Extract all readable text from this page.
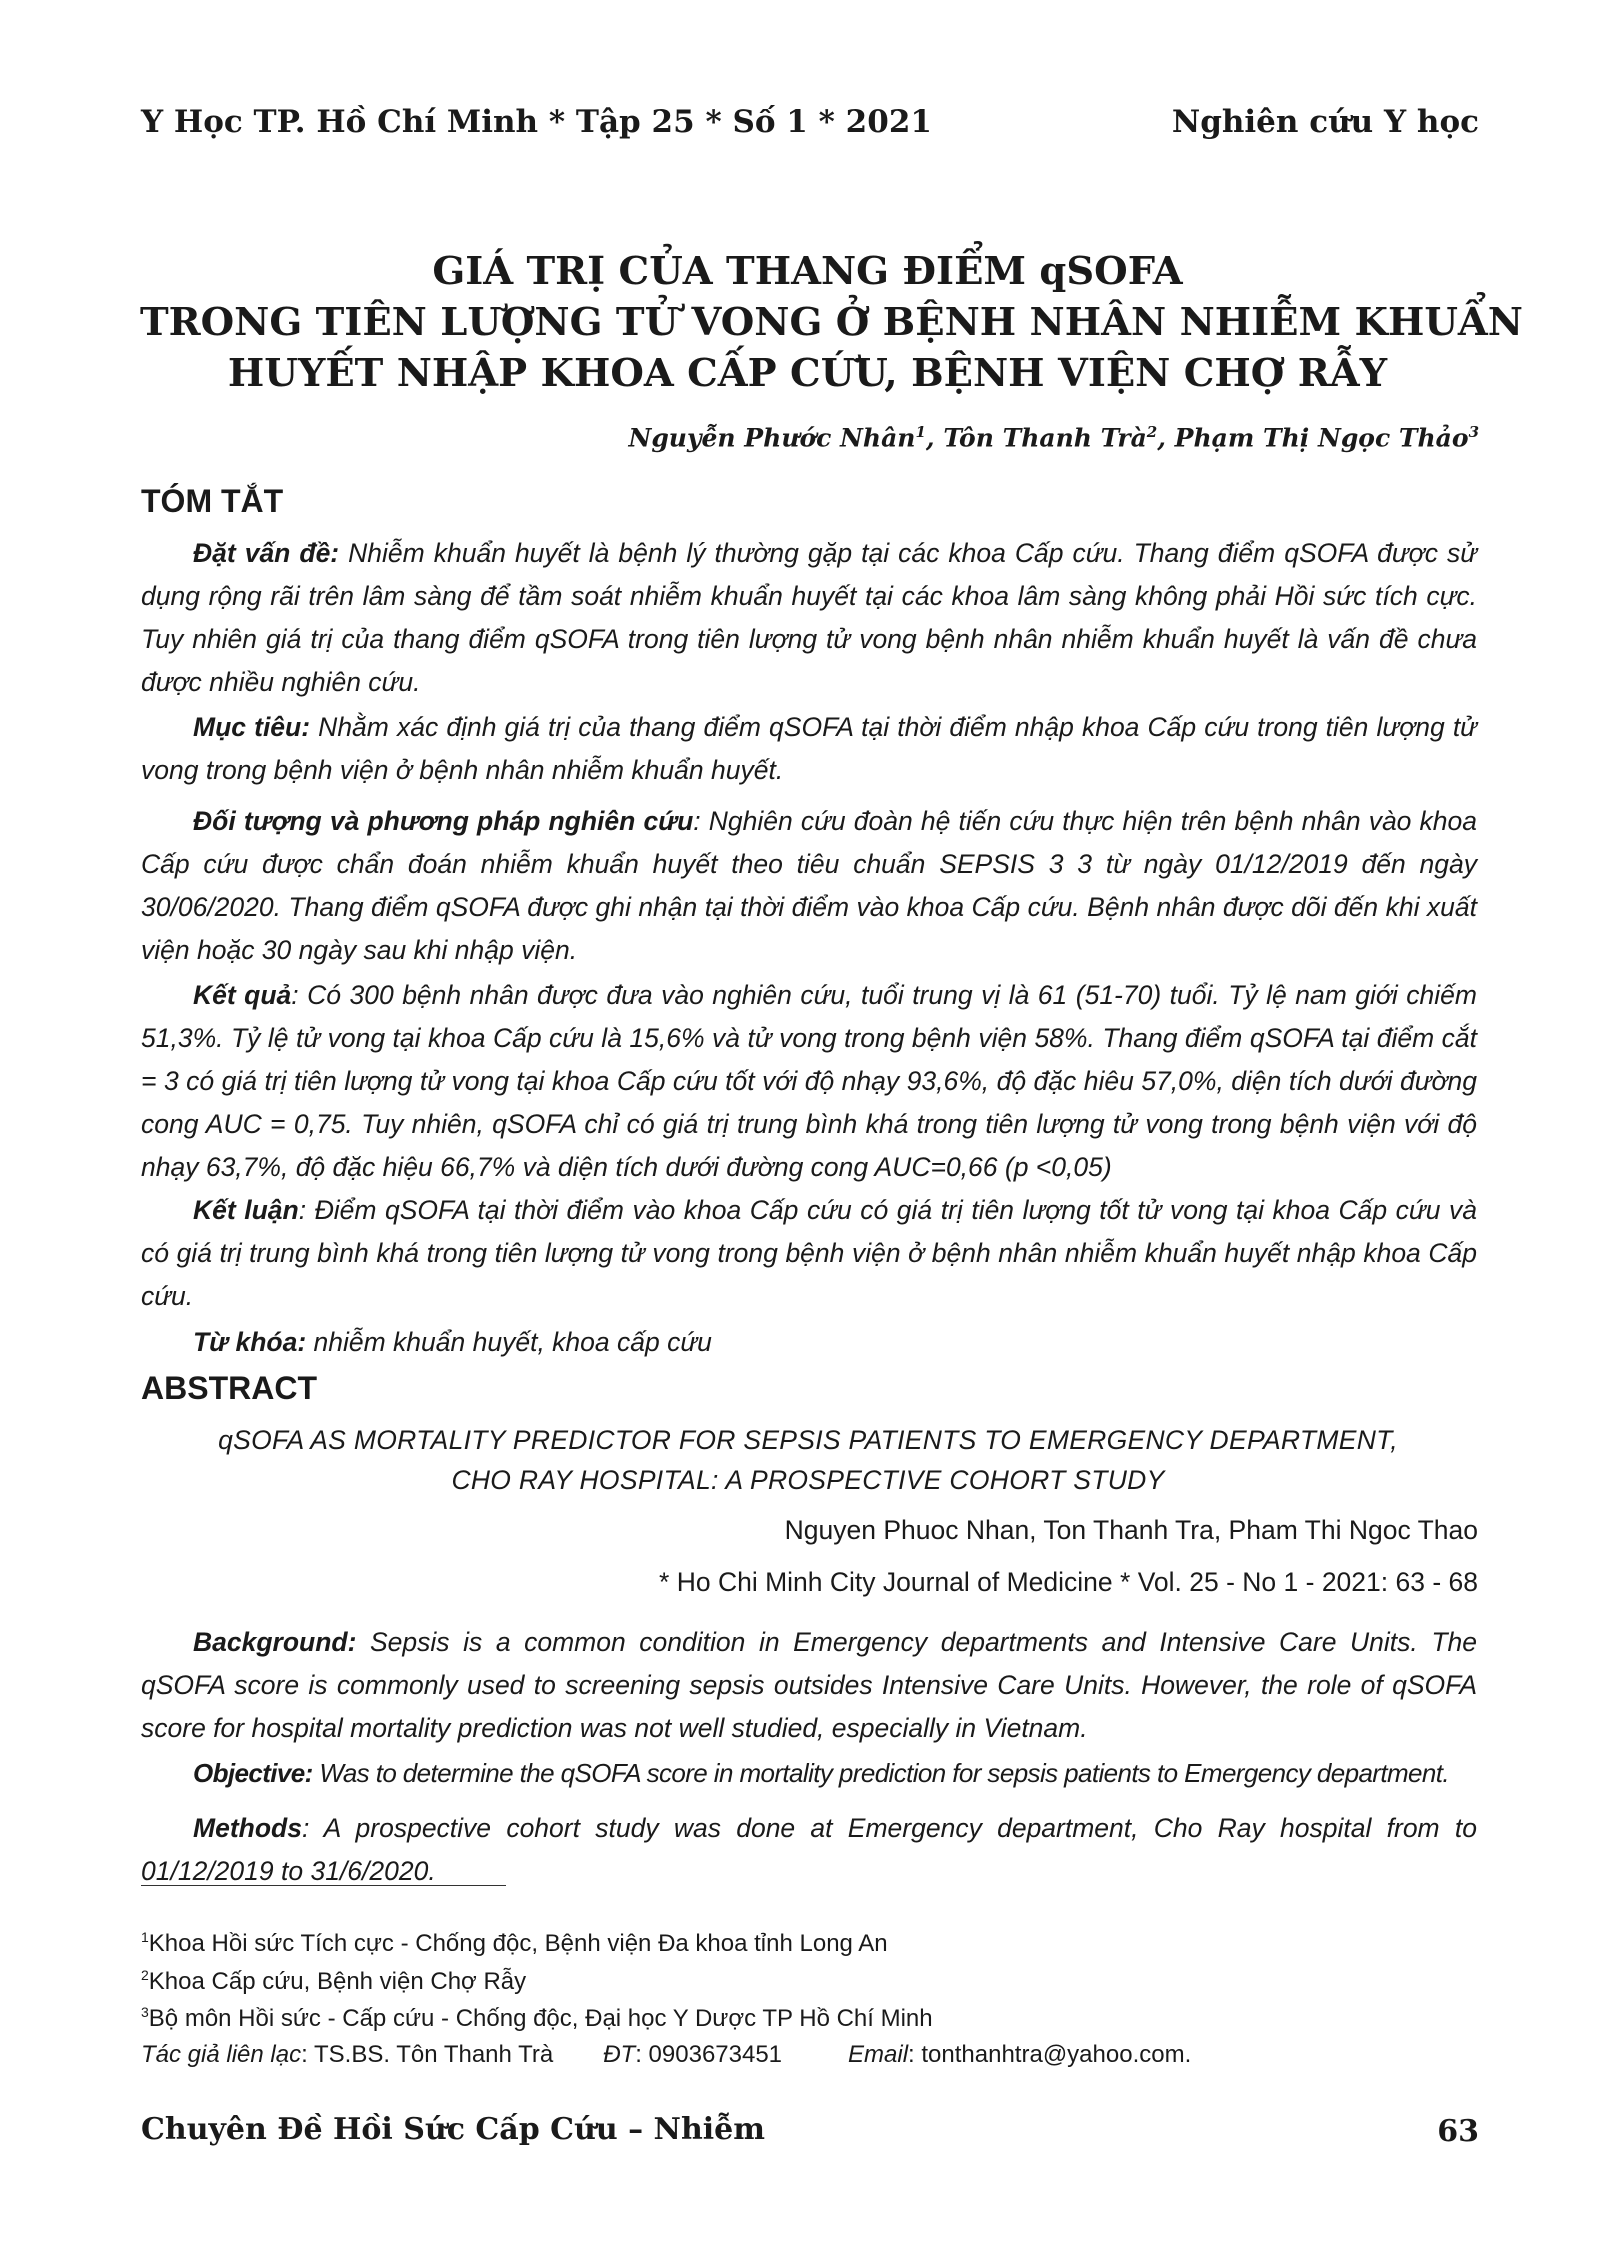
Y Học TP. Hồ Chí Minh * Tập 25 * Số 1 * 2021	Nghiên cứu Y học
GIÁ TRỊ CỦA THANG ĐIỂM qSOFA
TRONG TIÊN LƯỢNG TỬ VONG Ở BỆNH NHÂN NHIỄM KHUẨN
HUYẾT NHẬP KHOA CẤP CỨU, BỆNH VIỆN CHỢ RẪY
Nguyễn Phước Nhân$^1$, Tôn Thanh Trà$^2$, Phạm Thị Ngọc Thảo$^3$
TÓM TẮT
Đặt vấn đề: Nhiễm khuẩn huyết là bệnh lý thường gặp tại các khoa Cấp cứu. Thang điểm qSOFA được sử dụng rộng rãi trên lâm sàng để tầm soát nhiễm khuẩn huyết tại các khoa lâm sàng không phải Hồi sức tích cực. Tuy nhiên giá trị của thang điểm qSOFA trong tiên lượng tử vong bệnh nhân nhiễm khuẩn huyết là vấn đề chưa được nhiều nghiên cứu.
Mục tiêu: Nhằm xác định giá trị của thang điểm qSOFA tại thời điểm nhập khoa Cấp cứu trong tiên lượng tử vong trong bệnh viện ở bệnh nhân nhiễm khuẩn huyết.
Đối tượng và phương pháp nghiên cứu: Nghiên cứu đoàn hệ tiến cứu thực hiện trên bệnh nhân vào khoa Cấp cứu được chẩn đoán nhiễm khuẩn huyết theo tiêu chuẩn SEPSIS 3 3 từ ngày 01/12/2019 đến ngày 30/06/2020. Thang điểm qSOFA được ghi nhận tại thời điểm vào khoa Cấp cứu. Bệnh nhân được dõi đến khi xuất viện hoặc 30 ngày sau khi nhập viện.
Kết quả: Có 300 bệnh nhân được đưa vào nghiên cứu, tuổi trung vị là 61 (51-70) tuổi. Tỷ lệ nam giới chiếm 51,3%. Tỷ lệ tử vong tại khoa Cấp cứu là 15,6% và tử vong trong bệnh viện 58%. Thang điểm qSOFA tại điểm cắt = 3 có giá trị tiên lượng tử vong tại khoa Cấp cứu tốt với độ nhạy 93,6%, độ đặc hiêu 57,0%, diện tích dưới đường cong AUC = 0,75. Tuy nhiên, qSOFA chỉ có giá trị trung bình khá trong tiên lượng tử vong trong bệnh viện với độ nhạy 63,7%, độ đặc hiệu 66,7% và diện tích dưới đường cong AUC=0,66 (p <0,05)
Kết luận: Điểm qSOFA tại thời điểm vào khoa Cấp cứu có giá trị tiên lượng tốt tử vong tại khoa Cấp cứu và có giá trị trung bình khá trong tiên lượng tử vong trong bệnh viện ở bệnh nhân nhiễm khuẩn huyết nhập khoa Cấp cứu.
Từ khóa: nhiễm khuẩn huyết, khoa cấp cứu
ABSTRACT
qSOFA AS MORTALITY PREDICTOR FOR SEPSIS PATIENTS TO EMERGENCY DEPARTMENT,
CHO RAY HOSPITAL: A PROSPECTIVE COHORT STUDY
Nguyen Phuoc Nhan, Ton Thanh Tra, Pham Thi Ngoc Thao
* Ho Chi Minh City Journal of Medicine * Vol. 25 - No 1 - 2021: 63 - 68
Background: Sepsis is a common condition in Emergency departments and Intensive Care Units. The qSOFA score is commonly used to screening sepsis outsides Intensive Care Units. However, the role of qSOFA score for hospital mortality prediction was not well studied, especially in Vietnam.
Objective: Was to determine the qSOFA score in mortality prediction for sepsis patients to Emergency department.
Methods: A prospective cohort study was done at Emergency department, Cho Ray hospital from to 01/12/2019 to 31/6/2020.
$^1$Khoa Hồi sức Tích cực - Chống độc, Bệnh viện Đa khoa tỉnh Long An
$^2$Khoa Cấp cứu, Bệnh viện Chợ Rẫy
$^3$Bộ môn Hồi sức - Cấp cứu - Chống độc, Đại học Y Dược TP Hồ Chí Minh
Tác giả liên lạc: TS.BS. Tôn Thanh Trà ĐT: 0903673451	Email: tonthanhtra@yahoo.com.
Chuyên Đề Hồi Sức Cấp Cứu – Nhiễm	63
